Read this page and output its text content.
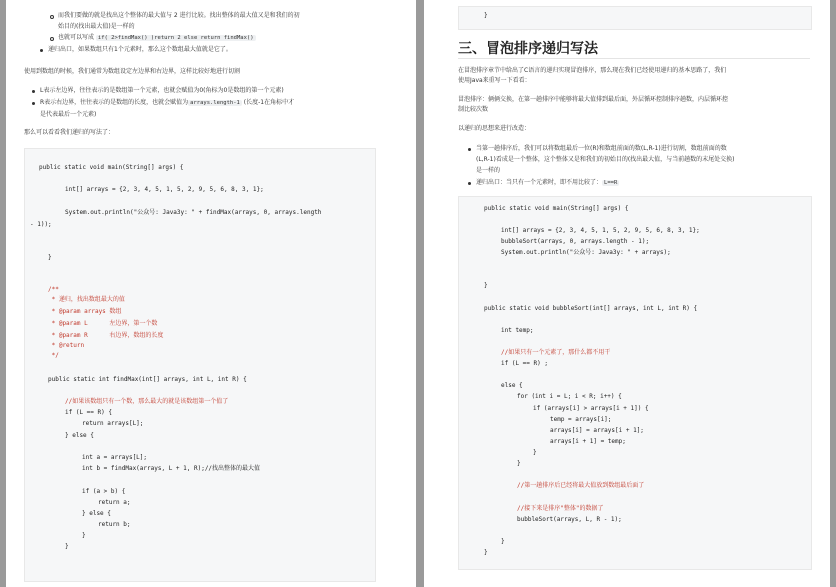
而我们要做的就是找出这个整体的最大值与 2 进行比较。找出整体的最大值又是和我们的初
始目的(找出最大值)是一样的
也就可以写成 if( 2>findMax() )return 2 else return findMax()
递归出口，如果数组只有1个元素时，那么这个数组最大值就是它了。
使用到数组的时候，我们通常为数组设定左边界和右边界，这样比较好地进行切割
L表示左边界，往往表示的是数组第一个元素，也就会赋值为0(角标为0是数组的第一个元素)
R表示右边界，往往表示的是数组的长度，也就会赋值为 arrays.length-1 (长度-1在角标中才
是代表最后一个元素)
那么可以看看我们递归的写法了：
public static void main(String[] args) {
int[] arrays = {2, 3, 4, 5, 1, 5, 2, 9, 5, 6, 8, 3, 1};
System.out.println("公众号: Java3y: " + findMax(arrays, 0, arrays.length
- 1));
}
/**
* 递归，找出数组最大的值
* @param arrays 数组
* @param L      左边界，第一个数
* @param R      右边界，数组的长度
* @return
*/
public static int findMax(int[] arrays, int L, int R) {
//如果该数组只有一个数，那么最大的就是该数组第一个值了
if (L == R) {
return arrays[L];
} else {
int a = arrays[L];
int b = findMax(arrays, L + 1, R);//找出整体的最大值
if (a > b) {
return a;
} else {
return b;
}
}
}
三、冒泡排序递归写法
在冒泡排序章节中给出了C语言的递归实现冒泡排序，那么现在我们已经使用递归的基本思路了，我们
使用Java来重写一下看看：
冒泡排序：俩俩交换，在第一趟排序中能够将最大值排到最后面，外层循环控制排序趟数，内层循环控
制比较次数
以递归的思想来进行改造：
当第一趟排序后，我们可以将数组最后一位(R)和数组前面的数(L,R-1)进行切割，数组前面的数
(L,R-1)看成是一个整体，这个整体又是和我们的初始目的(找出最大值，与当前趟数的末尾处交换)
是一样的
递归出口：当只有一个元素时，即不用比较了： L==R
public static void main(String[] args) {
int[] arrays = {2, 3, 4, 5, 1, 5, 2, 9, 5, 6, 8, 3, 1};
bubbleSort(arrays, 0, arrays.length - 1);
System.out.println("公众号: Java3y: " + arrays);
}
public static void bubbleSort(int[] arrays, int L, int R) {
int temp;
//如果只有一个元素了，那什么都不用干
if (L == R) ;
else {
for (int i = L; i < R; i++) {
if (arrays[i] > arrays[i + 1]) {
temp = arrays[i];
arrays[i] = arrays[i + 1];
arrays[i + 1] = temp;
}
}
//第一趟排序后已经将最大值放到数组最后面了
//接下来是排序"整体"的数据了
bubbleSort(arrays, L, R - 1);
}
}
